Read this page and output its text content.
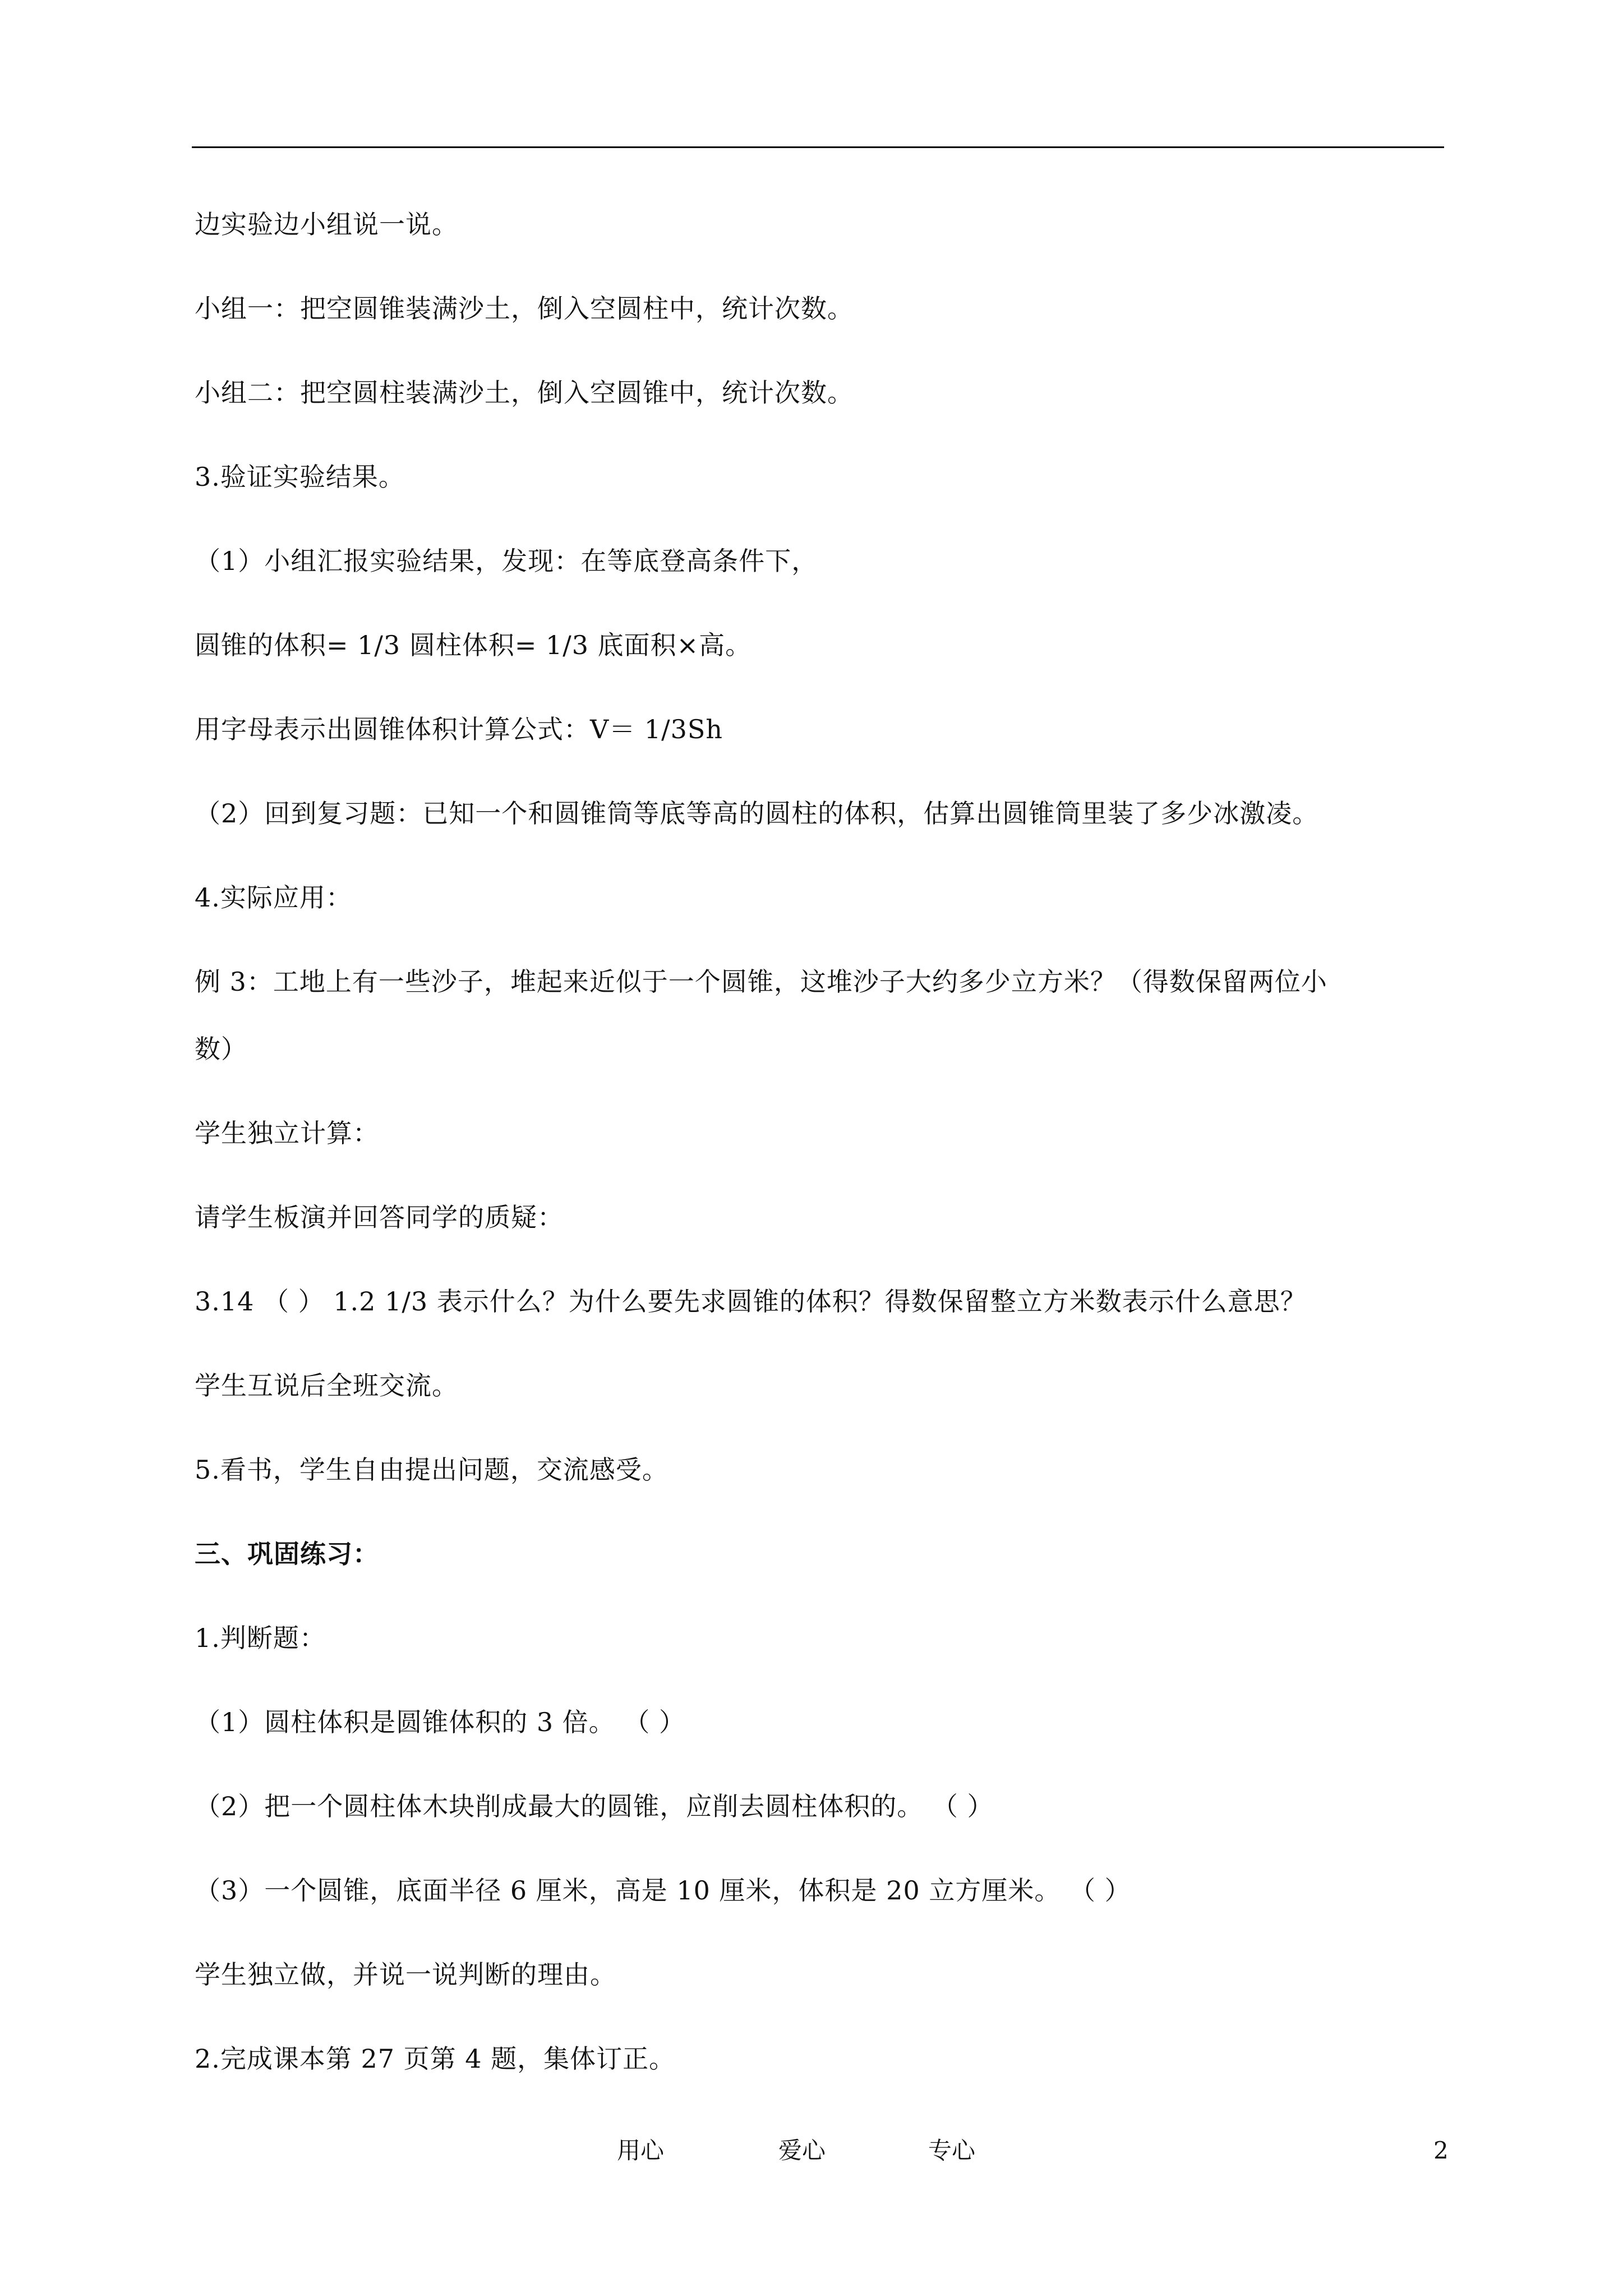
边实验边小组说一说。
小组一：把空圆锥装满沙土，倒入空圆柱中，统计次数。
小组二：把空圆柱装满沙土，倒入空圆锥中，统计次数。
3.验证实验结果。
（1）小组汇报实验结果，发现：在等底登高条件下，
圆锥的体积= 1/3 圆柱体积= 1/3 底面积×高。
用字母表示出圆锥体积计算公式：V＝ 1/3Sh
（2）回到复习题：已知一个和圆锥筒等底等高的圆柱的体积，估算出圆锥筒里装了多少冰激凌。
4.实际应用：
例 3：工地上有一些沙子，堆起来近似于一个圆锥，这堆沙子大约多少立方米？（得数保留两位小
数）
学生独立计算：
请学生板演并回答同学的质疑：
3.14 （ ） 1.2 1/3 表示什么？为什么要先求圆锥的体积？得数保留整立方米数表示什么意思？
学生互说后全班交流。
5.看书，学生自由提出问题，交流感受。
三、巩固练习：
1.判断题：
（1）圆柱体积是圆锥体积的 3 倍。 （ ）
（2）把一个圆柱体木块削成最大的圆锥，应削去圆柱体积的。 （ ）
（3）一个圆锥，底面半径 6 厘米，高是 10 厘米，体积是 20 立方厘米。 （ ）
学生独立做，并说一说判断的理由。
2.完成课本第 27 页第 4 题，集体订正。
用心	爱心	专心	2
